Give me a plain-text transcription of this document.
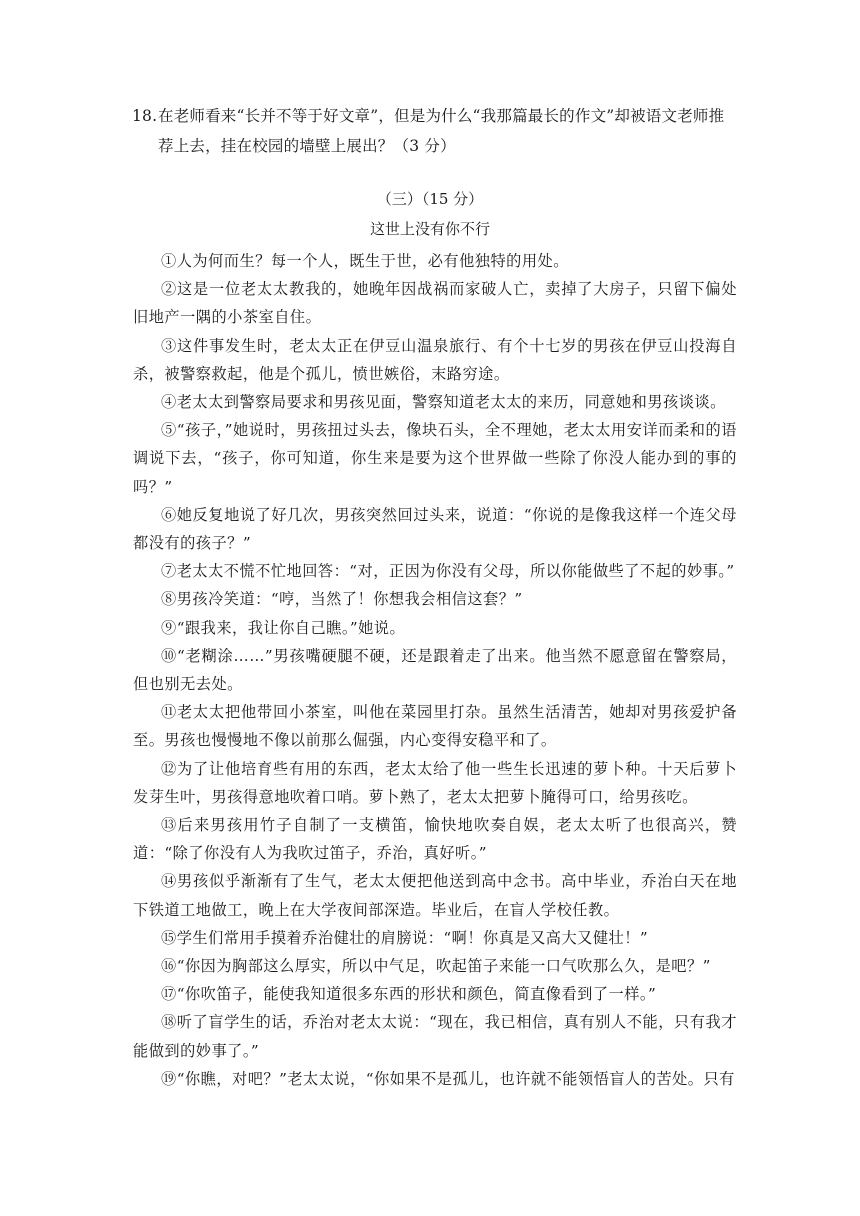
18. 在老师看来“长并不等于好文章”，但是为什么“我那篇最长的作文”却被语文老师推荐上去，挂在校园的墙壁上展出？（3 分）
（三）（15 分）
这世上没有你不行

①人为何而生？每一个人，既生于世，必有他独特的用处。

②这是一位老太太教我的，她晚年因战祸而家破人亡，卖掉了大房子，只留下偏处旧地产一隅的小茶室自住。

③这件事发生时，老太太正在伊豆山温泉旅行、有个十七岁的男孩在伊豆山投海自杀，被警察救起，他是个孤儿，愤世嫉俗，末路穷途。

④老太太到警察局要求和男孩见面，警察知道老太太的来历，同意她和男孩谈谈。

⑤“孩子，”她说时，男孩扭过头去，像块石头，全不理她，老太太用安详而柔和的语调说下去，“孩子，你可知道，你生来是要为这个世界做一些除了你没人能办到的事的吗？”

⑥她反复地说了好几次，男孩突然回过头来，说道：“你说的是像我这样一个连父母都没有的孩子？”

⑦老太太不慌不忙地回答：“对，正因为你没有父母，所以你能做些了不起的妙事。”

⑧男孩冷笑道：“哼，当然了！你想我会相信这套？”

⑨“跟我来，我让你自己瞧。”她说。

⑩“老糊涂……”男孩嘴硬腿不硬，还是跟着走了出来。他当然不愿意留在警察局，但也别无去处。

⑪老太太把他带回小茶室，叫他在菜园里打杂。虽然生活清苦，她却对男孩爱护备至。男孩也慢慢地不像以前那么倔强，内心变得安稳平和了。

⑫为了让他培育些有用的东西，老太太给了他一些生长迅速的萝卜种。十天后萝卜发芽生叶，男孩得意地吹着口哨。萝卜熟了，老太太把萝卜腌得可口，给男孩吃。

⑬后来男孩用竹子自制了一支横笛，愉快地吹奏自娱，老太太听了也很高兴，赞道：“除了你没有人为我吹过笛子，乔治，真好听。”

⑭男孩似乎渐渐有了生气，老太太便把他送到高中念书。高中毕业，乔治白天在地下铁道工地做工，晚上在大学夜间部深造。毕业后，在盲人学校任教。

⑮学生们常用手摸着乔治健壮的肩膀说：“啊！你真是又高大又健壮！”

⑯“你因为胸部这么厚实，所以中气足，吹起笛子来能一口气吹那么久，是吧？”

⑰“你吹笛子，能使我知道很多东西的形状和颜色，简直像看到了一样。”

⑱听了盲学生的话，乔治对老太太说：“现在，我已相信，真有别人不能，只有我才能做到的妙事了。”

⑲“你瞧，对吧？”老太太说，“你如果不是孤儿，也许就不能领悟盲人的苦处。只有
